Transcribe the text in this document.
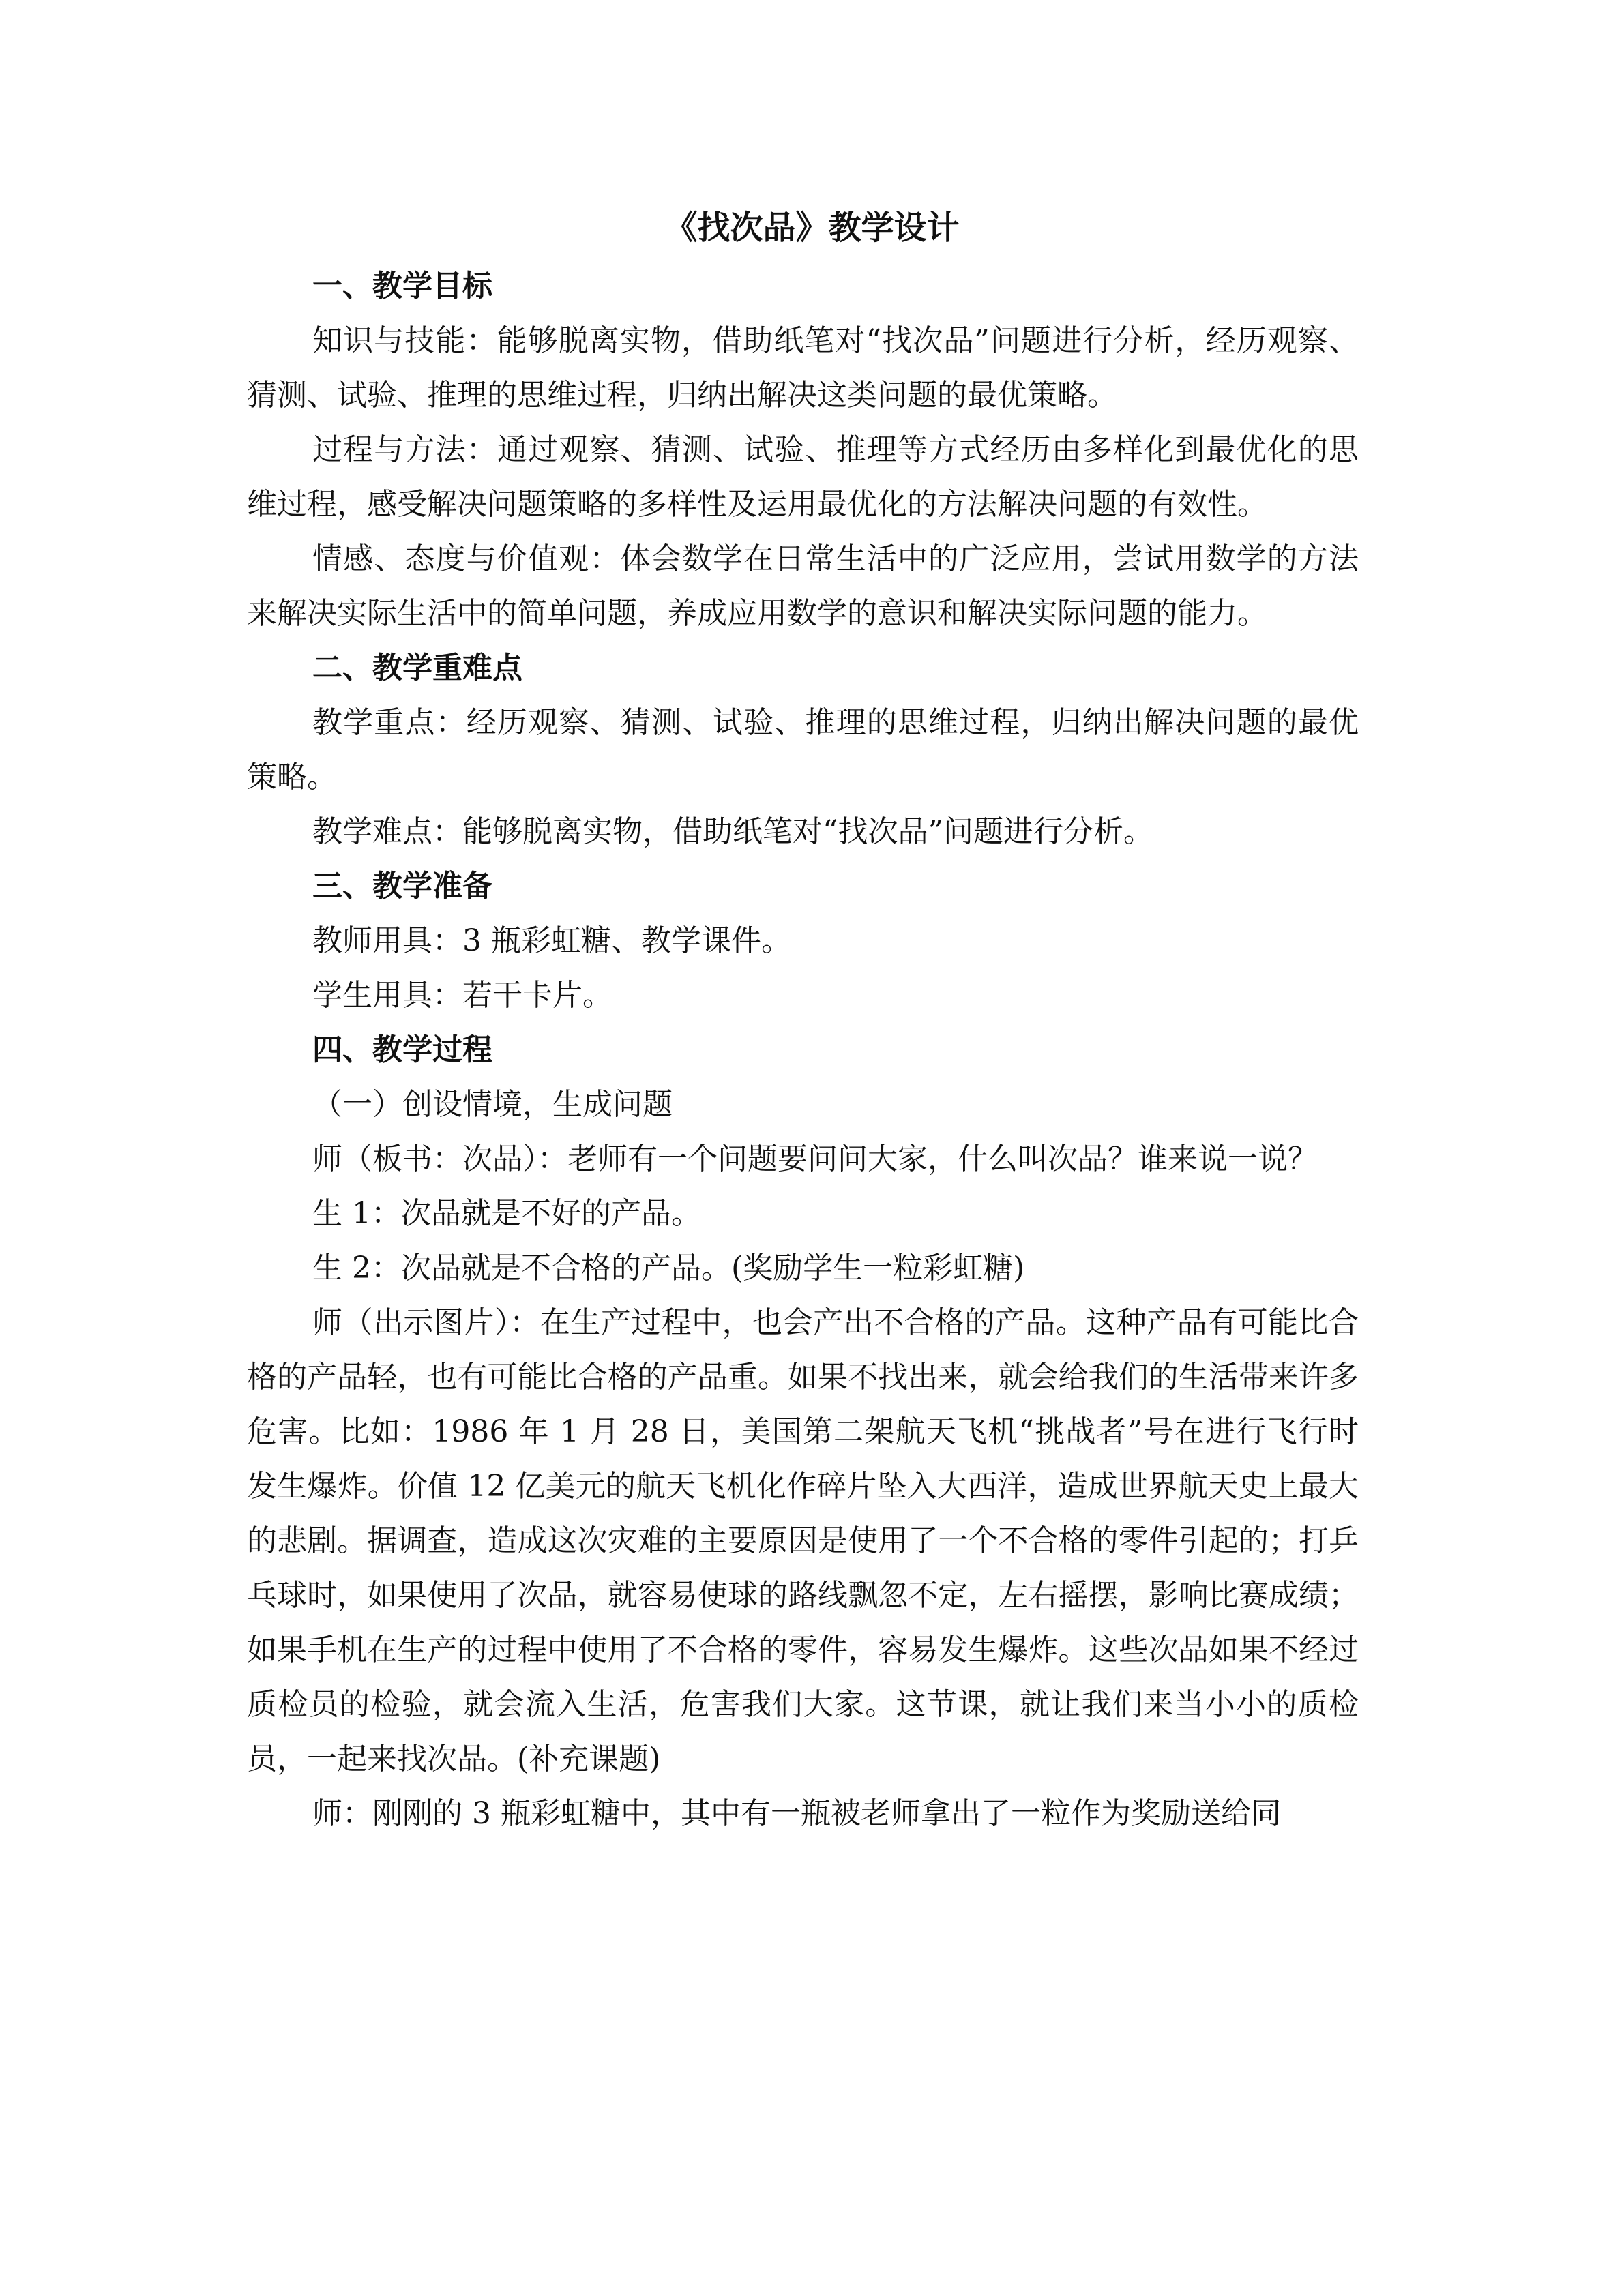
《找次品》教学设计

一、教学目标

知识与技能：能够脱离实物，借助纸笔对“找次品”问题进行分析，经历观察、猜测、试验、推理的思维过程，归纳出解决这类问题的最优策略。

过程与方法：通过观察、猜测、试验、推理等方式经历由多样化到最优化的思维过程，感受解决问题策略的多样性及运用最优化的方法解决问题的有效性。

情感、态度与价值观：体会数学在日常生活中的广泛应用，尝试用数学的方法来解决实际生活中的简单问题，养成应用数学的意识和解决实际问题的能力。

二、教学重难点

教学重点：经历观察、猜测、试验、推理的思维过程，归纳出解决问题的最优策略。

教学难点：能够脱离实物，借助纸笔对“找次品”问题进行分析。

三、教学准备

教师用具：3 瓶彩虹糖、教学课件。

学生用具：若干卡片。

四、教学过程

（一）创设情境，生成问题

师（板书：次品）：老师有一个问题要问问大家，什么叫次品？谁来说一说？

生 1：次品就是不好的产品。

生 2：次品就是不合格的产品。(奖励学生一粒彩虹糖)

师（出示图片）：在生产过程中，也会产出不合格的产品。这种产品有可能比合格的产品轻，也有可能比合格的产品重。如果不找出来，就会给我们的生活带来许多危害。比如：1986 年 1 月 28 日，美国第二架航天飞机“挑战者”号在进行飞行时发生爆炸。价值 12 亿美元的航天飞机化作碎片坠入大西洋，造成世界航天史上最大的悲剧。据调查，造成这次灾难的主要原因是使用了一个不合格的零件引起的；打乒乓球时，如果使用了次品，就容易使球的路线飘忽不定，左右摇摆，影响比赛成绩；如果手机在生产的过程中使用了不合格的零件，容易发生爆炸。这些次品如果不经过质检员的检验，就会流入生活，危害我们大家。这节课，就让我们来当小小的质检员，一起来找次品。(补充课题)

师：刚刚的 3 瓶彩虹糖中，其中有一瓶被老师拿出了一粒作为奖励送给同
